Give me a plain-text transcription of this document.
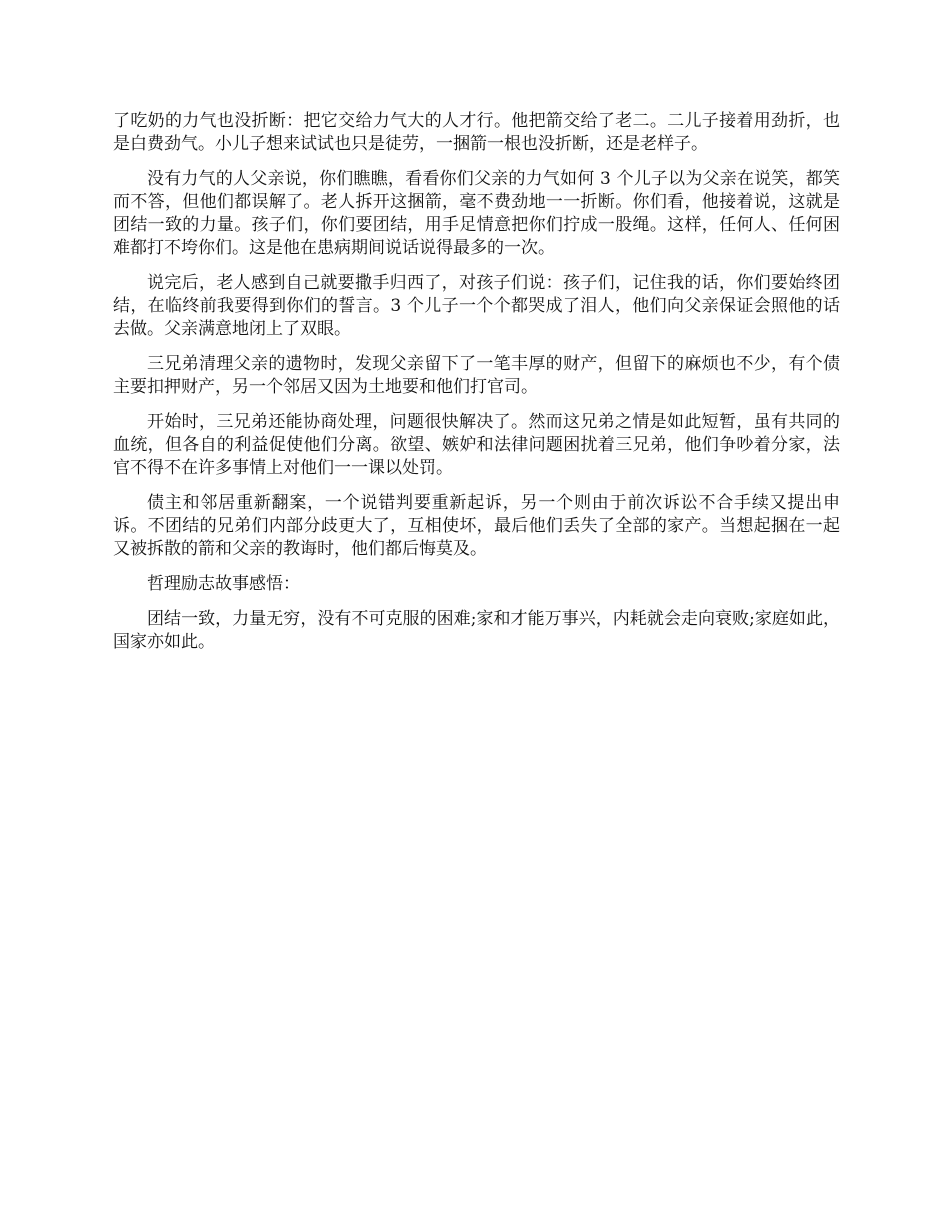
了吃奶的力气也没折断：把它交给力气大的人才行。他把箭交给了老二。二儿子接着用劲折，也是白费劲气。小儿子想来试试也只是徒劳，一捆箭一根也没折断，还是老样子。

没有力气的人父亲说，你们瞧瞧，看看你们父亲的力气如何 3 个儿子以为父亲在说笑，都笑而不答，但他们都误解了。老人拆开这捆箭，毫不费劲地一一折断。你们看，他接着说，这就是团结一致的力量。孩子们，你们要团结，用手足情意把你们拧成一股绳。这样，任何人、任何困难都打不垮你们。这是他在患病期间说话说得最多的一次。

说完后，老人感到自己就要撒手归西了，对孩子们说：孩子们，记住我的话，你们要始终团结，在临终前我要得到你们的誓言。3 个儿子一个个都哭成了泪人，他们向父亲保证会照他的话去做。父亲满意地闭上了双眼。

三兄弟清理父亲的遗物时，发现父亲留下了一笔丰厚的财产，但留下的麻烦也不少，有个债主要扣押财产，另一个邻居又因为土地要和他们打官司。

开始时，三兄弟还能协商处理，问题很快解决了。然而这兄弟之情是如此短暂，虽有共同的血统，但各自的利益促使他们分离。欲望、嫉妒和法律问题困扰着三兄弟，他们争吵着分家，法官不得不在许多事情上对他们一一课以处罚。

债主和邻居重新翻案，一个说错判要重新起诉，另一个则由于前次诉讼不合手续又提出申诉。不团结的兄弟们内部分歧更大了，互相使坏，最后他们丢失了全部的家产。当想起捆在一起又被拆散的箭和父亲的教诲时，他们都后悔莫及。

哲理励志故事感悟：

团结一致，力量无穷，没有不可克服的困难;家和才能万事兴，内耗就会走向衰败;家庭如此，国家亦如此。
